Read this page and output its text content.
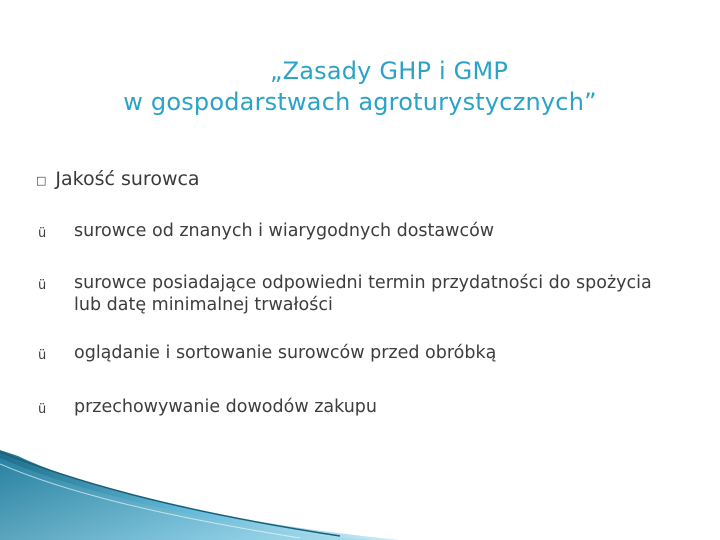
„Zasady GHP i GMP
w gospodarstwach agroturystycznych”
□ Jakość surowca
ü	surowce od znanych i wiarygodnych dostawców
ü	surowce posiadające odpowiedni termin przydatności do spożycia lub datę minimalnej trwałości
ü	oglądanie i sortowanie surowców przed obróbką
ü	przechowywanie dowodów zakupu
